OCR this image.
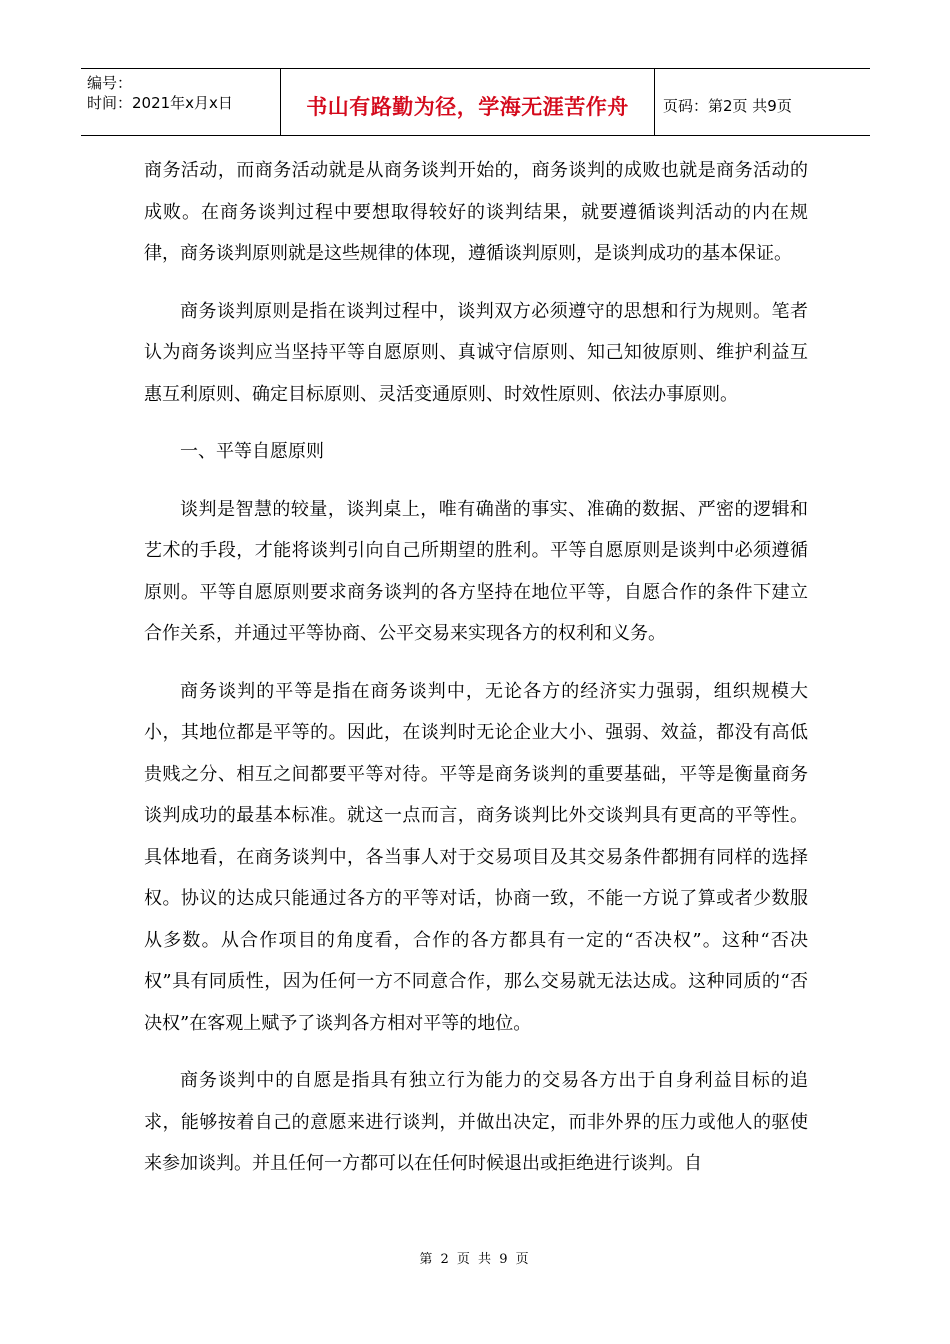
编号：
时间：2021年x月x日	书山有路勤为径，学海无涯苦作舟 页码：第2页 共9页

商务活动，而商务活动就是从商务谈判开始的，商务谈判的成败也就是商务活动的成败。在商务谈判过程中要想取得较好的谈判结果，就要遵循谈判活动的内在规律，商务谈判原则就是这些规律的体现，遵循谈判原则，是谈判成功的基本保证。

商务谈判原则是指在谈判过程中，谈判双方必须遵守的思想和行为规则。笔者认为商务谈判应当坚持平等自愿原则、真诚守信原则、知己知彼原则、维护利益互惠互利原则、确定目标原则、灵活变通原则、时效性原则、依法办事原则。

一、平等自愿原则

谈判是智慧的较量，谈判桌上，唯有确凿的事实、准确的数据、严密的逻辑和艺术的手段，才能将谈判引向自己所期望的胜利。平等自愿原则是谈判中必须遵循原则。平等自愿原则要求商务谈判的各方坚持在地位平等，自愿合作的条件下建立合作关系，并通过平等协商、公平交易来实现各方的权利和义务。

商务谈判的平等是指在商务谈判中，无论各方的经济实力强弱，组织规模大小，其地位都是平等的。因此，在谈判时无论企业大小、强弱、效益，都没有高低贵贱之分、相互之间都要平等对待。平等是商务谈判的重要基础，平等是衡量商务谈判成功的最基本标准。就这一点而言，商务谈判比外交谈判具有更高的平等性。具体地看，在商务谈判中，各当事人对于交易项目及其交易条件都拥有同样的选择权。协议的达成只能通过各方的平等对话，协商一致，不能一方说了算或者少数服从多数。从合作项目的角度看，合作的各方都具有一定的“否决权”。这种“否决权”具有同质性，因为任何一方不同意合作，那么交易就无法达成。这种同质的“否决权”在客观上赋予了谈判各方相对平等的地位。

商务谈判中的自愿是指具有独立行为能力的交易各方出于自身利益目标的追求，能够按着自己的意愿来进行谈判，并做出决定，而非外界的压力或他人的驱使来参加谈判。并且任何一方都可以在任何时候退出或拒绝进行谈判。自

第 2 页 共 9 页
